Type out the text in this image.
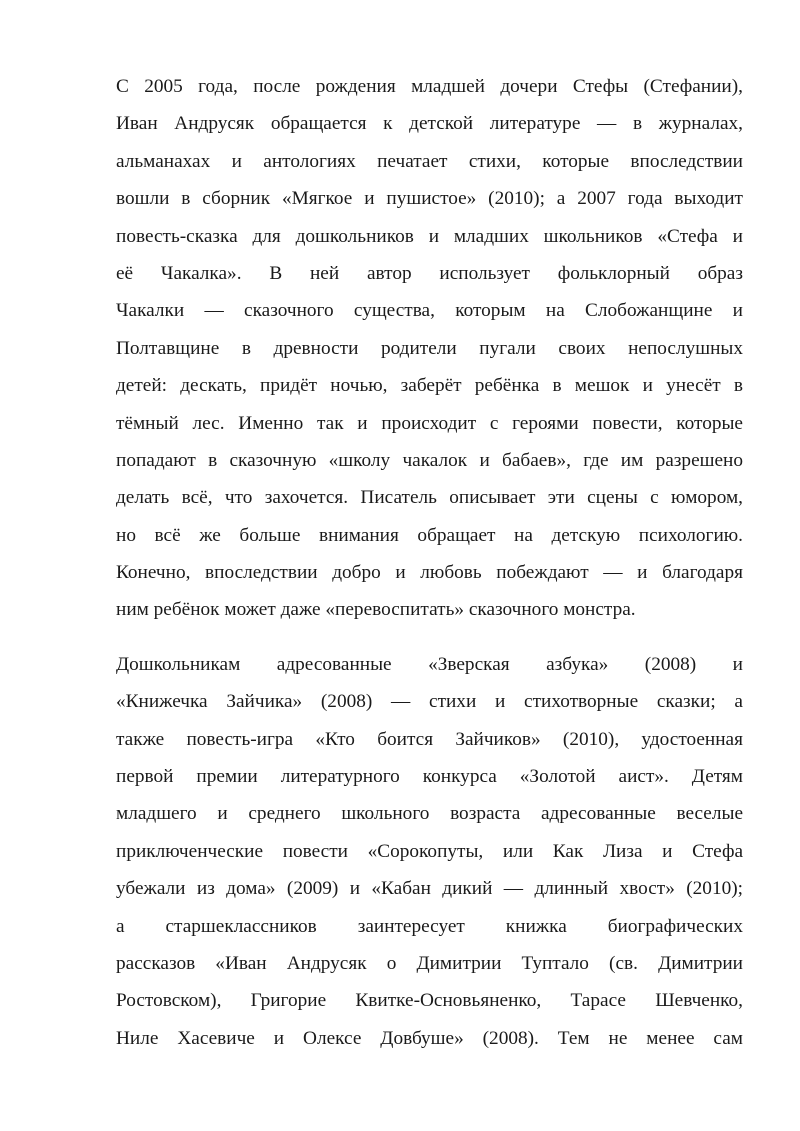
С 2005 года, после рождения младшей дочери Стефы (Стефании),
Иван Андрусяк обращается к детской литературе — в журналах,
альманахах и антологиях печатает стихи, которые впоследствии
вошли в сборник «Мягкое и пушистое» (2010); а 2007 года выходит
повесть-сказка для дошкольников и младших школьников «Стефа и
её Чакалка». В ней автор использует фольклорный образ
Чакалки — сказочного существа, которым на Слобожанщине и
Полтавщине в древности родители пугали своих непослушных
детей: дескать, придёт ночью, заберёт ребёнка в мешок и унесёт в
тёмный лес. Именно так и происходит с героями повести, которые
попадают в сказочную «школу чакалок и бабаев», где им разрешено
делать всё, что захочется. Писатель описывает эти сцены с юмором,
но всё же больше внимания обращает на детскую психологию.
Конечно, впоследствии добро и любовь побеждают — и благодаря
ним ребёнок может даже «перевоспитать» сказочного монстра.
Дошкольникам адресованные «Зверская азбука» (2008) и
«Книжечка Зайчика» (2008) — стихи и стихотворные сказки; а
также повесть-игра «Кто боится Зайчиков» (2010), удостоенная
первой премии литературного конкурса «Золотой аист». Детям
младшего и среднего школьного возраста адресованные веселые
приключенческие повести «Сорокопуты, или Как Лиза и Стефа
убежали из дома» (2009) и «Кабан дикий — длинный хвост» (2010);
а старшеклассников заинтересует книжка биографических
рассказов «Иван Андрусяк о Димитрии Туптало (св. Димитрии
Ростовском), Григорие Квитке-Основьяненко, Тарасе Шевченко,
Ниле Хасевиче и Олексе Довбуше» (2008). Тем не менее сам
